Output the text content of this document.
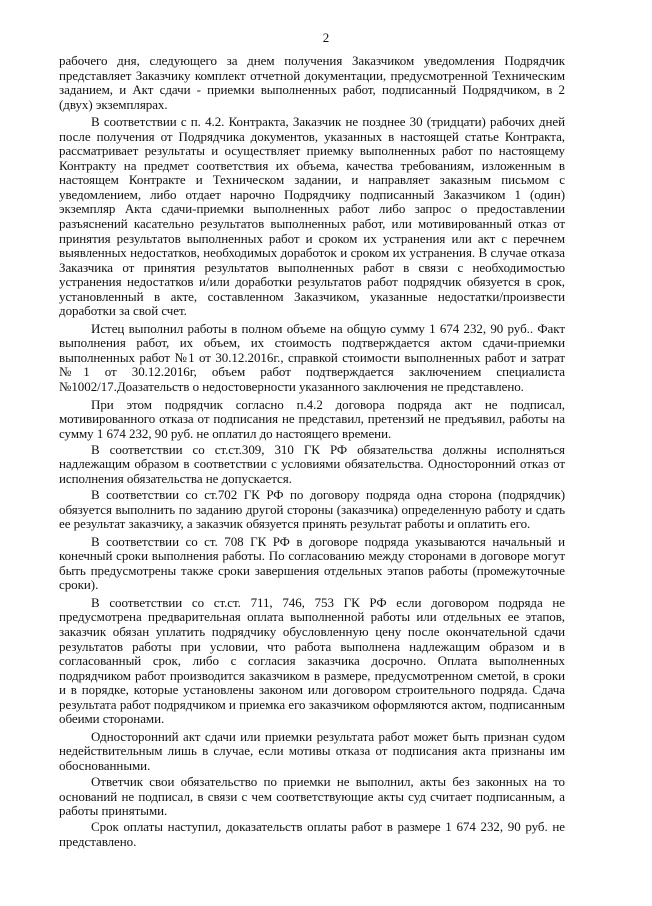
2

рабочего дня, следующего за днем получения Заказчиком уведомления Подрядчик представляет Заказчику комплект отчетной документации, предусмотренной Техническим заданием, и Акт сдачи - приемки выполненных работ, подписанный Подрядчиком, в 2 (двух) экземплярах.

В соответствии с п. 4.2. Контракта, Заказчик не позднее 30 (тридцати) рабочих дней после получения от Подрядчика документов, указанных в настоящей статье Контракта, рассматривает результаты и осуществляет приемку выполненных работ по настоящему Контракту на предмет соответствия их объема, качества требованиям, изложенным в настоящем Контракте и Техническом задании, и направляет заказным письмом с уведомлением, либо отдает нарочно Подрядчику подписанный Заказчиком 1 (один) экземпляр Акта сдачи-приемки выполненных работ либо запрос о предоставлении разъяснений касательно результатов выполненных работ, или мотивированный отказ от принятия результатов выполненных работ и сроком их устранения или акт с перечнем выявленных недостатков, необходимых доработок и сроком их устранения. В случае отказа Заказчика от принятия результатов выполненных работ в связи с необходимостью устранения недостатков и/или доработки результатов работ подрядчик обязуется в срок, установленный в акте, составленном Заказчиком, указанные недостатки/произвести доработки за свой счет.

Истец выполнил работы в полном объеме на общую сумму 1 674 232, 90 руб.. Факт выполнения работ, их объем, их стоимость подтверждается актом сдачи-приемки выполненных работ №1 от 30.12.2016г., справкой стоимости выполненных работ и затрат №1 от 30.12.2016г, объем работ подтверждается заключением специалиста №1002/17.Доазательств о недостоверности указанного заключения не представлено.

При этом подрядчик согласно п.4.2 договора подряда акт не подписал, мотивированного отказа от подписания не представил, претензий не предъявил, работы на сумму 1 674 232, 90 руб. не оплатил до настоящего времени.

В соответствии со ст.ст.309, 310 ГК РФ обязательства должны исполняться надлежащим образом в соответствии с условиями обязательства. Односторонний отказ от исполнения обязательства не допускается.

В соответствии со ст.702 ГК РФ по договору подряда одна сторона (подрядчик) обязуется выполнить по заданию другой стороны (заказчика) определенную работу и сдать ее результат заказчику, а заказчик обязуется принять результат работы и оплатить его.

В соответствии со ст. 708 ГК РФ в договоре подряда указываются начальный и конечный сроки выполнения работы. По согласованию между сторонами в договоре могут быть предусмотрены также сроки завершения отдельных этапов работы (промежуточные сроки).

В соответствии со ст.ст. 711, 746, 753 ГК РФ если договором подряда не предусмотрена предварительная оплата выполненной работы или отдельных ее этапов, заказчик обязан уплатить подрядчику обусловленную цену после окончательной сдачи результатов работы при условии, что работа выполнена надлежащим образом и в согласованный срок, либо с согласия заказчика досрочно. Оплата выполненных подрядчиком работ производится заказчиком в размере, предусмотренном сметой, в сроки и в порядке, которые установлены законом или договором строительного подряда. Сдача результата работ подрядчиком и приемка его заказчиком оформляются актом, подписанным обеими сторонами.

Односторонний акт сдачи или приемки результата работ может быть признан судом недействительным лишь в случае, если мотивы отказа от подписания акта признаны им обоснованными.

Ответчик свои обязательство по приемки не выполнил, акты без законных на то оснований не подписал, в связи с чем соответствующие акты суд считает подписанным, а работы принятыми.

Срок оплаты наступил, доказательств оплаты работ в размере 1 674 232, 90 руб. не представлено.
